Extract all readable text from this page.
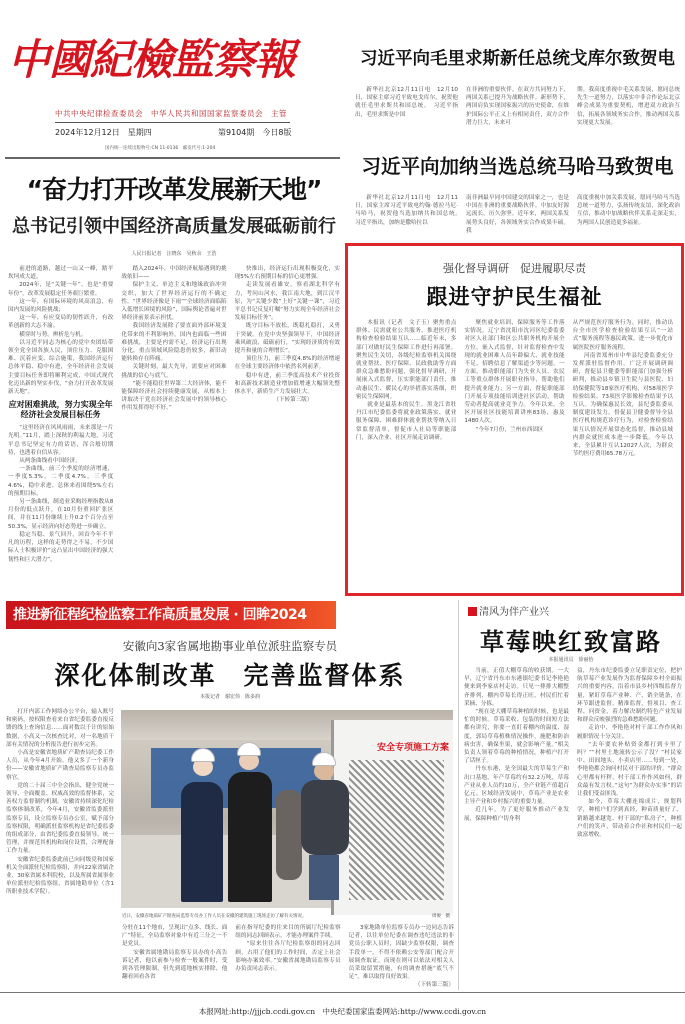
中國紀檢監察報
中共中央纪律检查委员会　中华人民共和国国家监察委员会　主管
2024年12月12日　星期四	第9104期　今日8版
国内统一连续出版物号:CN 11-0136　邮发代号:1-204
习近平向毛里求斯新任总统戈库尔致贺电

新华社北京12月11日电　12月10日，国家主席习近平致电戈库尔，祝贺他就任毛里求斯共和国总统。　习近平指出，毛里求斯是中国

在非洲的重要伙伴。在双方共同努力下，两国关系已提升为战略伙伴。新形势下，两国肩负实现国家振兴的历史使命，在维护国际公平正义上有相同责任，双方合作潜力巨大，未来可

期。我高度重视中毛关系发展，愿同总统先生一道努力，以落实中非合作论坛北京峰会成果为重要契机，增进双方政治互信，拓展各领域务实合作，推动两国关系实现更大发展。

习近平向加纳当选总统马哈马致贺电

新华社北京12月11日电　12月11日，国家主席习近平致电约翰·德拉马尼·马哈马，祝贺他当选加纳共和国总统。　习近平指出，加纳是撒哈拉以

南非洲最早同中国建交的国家之一，也是中国在非洲的重要战略伙伴。中加友好源远流长，历久弥坚。近年来，两国关系发展势头良好，各领域务实合作成果丰硕。我

高度重视中加关系发展，愿同马哈马当选总统一道努力，弘扬传统友谊，深化政治互信，推动中加战略伙伴关系走深走实，为两国人民创造更多福祉。

强化督导调研　促进履职尽责
跟进守护民生福祉

本报讯（记者　文子玉）聚焦重点群体、民需就业公共服务、推进医疗机构检查检验结果互认……临近年末，多部门对做好民生保障工作进行再部署。聚焦民生关切，各级纪检监察机关围绕就业帮扶、医疗保障、民政救助等方面群众急难愁盼问题，强化督导调研，开展嵌入式监督，压实职能部门责任，推动惠民生、暖民心的举措落实落细，织密民生保障网。

就业是最基本的民生。黑龙江省牡丹江市纪委监委将就业政策落实、就业服务保障、困难群体就业帮扶等纳入日常监督清单，督促市人社局等职能部门，深入企业、社区开展走访调研。

聚焦就业培训、保障服务等工作落实情况，辽宁省沈阳市沈河区纪委监委对区人社部门和区公共职务机构开展全方位、嵌入式监督，针对监督检查中发现的就业困难人员年龄偏大、就业技能不足、招聘信息了解渠道少等问题，一方面，推动职能部门为失业人员、农民工等重点群体开展职业指导，帮助他们提升就业能力；另一方面，督促职能部门开展专项技能培训进社区活动，帮助劳动者提高就业竞争力。今年以来，全区开展社区技能培训讲座83场，惠及1480人次。

“今年7月份，兰州市西固区

从严规范医疗服务行为。同时，推动出台全市医学检查检验结果互认“一站式”服务流程等惠民政策，进一步优化市属医院医疗服务流程。

河南省郑州市中牟县纪委监委充分发挥派驻监督作用，广泛开展调研调研，督促县卫健委等职能部门加强分析研判，推动县乡镇卫生院与县医院、妇幼保健院等18家医疗机构，对58项医学检验结果、73项医学影像检查结果予以互认。为确保惠民长效，县纪委监委从制度建设发力，督促县卫健委督导全县医疗机构规范诊疗行为，对检查检验结果互认情况开展常态化监督，推动县域内群众就医成本进一步降低。今年以来，全县累计互认12027人次，为群众节约医疗费用65.78万元。

“奋力打开改革发展新天地”
总书记引领中国经济高质量发展砥砺前行
人民日报记者　汪晓东　吴秋余　王浩

前进的道路，越过一山又一峰，踏平坎坷成大道。

2024年，是“关键一年”，也是“重要年份”，改革发展稳定任务艰巨繁重。

这一年，有国际环境的风高浪急，有国内发展的风险挑战；

这一年，有应变局的韧性跃升，有改革创新的大志不渝。

横穿时与势，辨析危与机。

以习近平同志为核心的党中央团结带领全党全国各族人民，顶住压力、克服困难、沉着应变、综合施策，我国经济运行总体平稳、稳中有进，全年经济社会发展主要目标任务即将顺利完成，中国式现代化迈出新的坚实步伐，“奋力打开改革发展新天地”。

应对困难挑战，努力实现全年经济社会发展目标任务

“这里经济在风风雨雨，未来那是一片光明。”11月，踏上深秋的利福大地，习近平总书记坚定有力的话语，浑合般切期待，也透着自信从容。

从两条曲线看中国经济。

一条曲线，前三个季度的经济增速，一季度5.3%，二季度4.7%，三季度4.6%，稳中求进、总体来看围绕5%左右的预期目标。

另一条曲线，制造业采购经理指数从8月份的低点跃升，在10月份重回扩张区间，并在11月份继续上升0.2个百分点至50.3%，显示经济向好态势进一步确立。

稳定当稳、景气回升，回首今年不平凡的历程，这样的走势得之不易，不少国际人士积极评价“这凸显出中国经济的强大韧性和巨大潜力”。

踏入2024年，中国经济航船遇到的挑战依旧——

保护主义、单边主义和地缘政治冲突交织，加大了世界经济运行的不确定性。“世界经济像是下雨”“全球经济面临陷入低增长困境的风险”，国际舆论普遍对世界经济前景表示担忧。

我国经济发展除了要直面外部环境变化带来的不利影响外，国内也面临一些困难挑战，主要是内需不足，经济运行出现分化，重点领域风险隐患仍较多，新旧动能转换存在阵痛。

关键时刻，最大先导，需要应对困难挑战的信心与底气。

“能不能稳住世界第二大经济体，能不能保障经济社会持续健康发展，从根本上讲取决于党在经济社会发展中的领导核心作用发挥得好不好。”

快推出，经济运行出现积极变化，实现5%左右预期目标的信心更增强。

走读发展看雄安，察看湖北科学有力，考问山河水，我江南大地，到江汉平原，为“关键少数”上好“关键一课”，习近平总书记反复叮嘱“努力实现全年经济社会发展目标任务”。

既守目标不放松，既稳扎稳打，又勇于突破。在党中央坚强领导下，中国经济乘风破浪、砥砺前行，“实现经济质的有效提升和量的合理增长”。

顶住压力，前三季度4.8%的经济增速在全球主要经济体中依然名列前茅。

稳中有进，前三季度高技术产业投资和高新技术制造业增加值增速大幅领先整体水平，新质生产力发展壮大。

（下转第三版）

推进新征程纪检监察工作高质量发展 · 回眸2024
安徽向3家省属地勘事业单位派驻监察专员
深化体制改革　完善监督体系
本报记者　谢宏伟　陈多润

打开内部工作网络办公平台，输入账号和密码，按权限查看来自省纪委监委直报反馈的线上查询信息……面对数以千计的原始数据，小高又一次核查比对，对一名地质干部有关情况的分析报告进行初步完善。

小高是安徽省地质矿产勘查局纪委工作人员，从今年4月开始，他又多了一个新身份——安徽省地质矿产勘查局监察专员办监察官。

党的二十届三中全会指出，健全党统一领导、全面覆盖、权威高效的监督体系，完善权力监督制约机制。安徽省持续深化纪检监察体制改革，今年4月，安徽省监委派驻监察专员，设立监察专员办公室，赋予部分监察权限，明确派驻监察机构是省纪委监委的组成部分，由省纪委监委直接领导、统一管理，并规范其机构和岗位设置，合理配备工作力量。

安徽省纪委监委此前已向同级党和国家机关全面派驻纪检监察组，并向22家省属企业、30家省属本科院校，以及所属省属事业单位派驻纪检监察组，省属地勘单位（含1所职业技术学院）。

安全专项施工方案
近日，安徽省地质矿产勘查局监察专员办工作人员在安徽的建筑施工现场走访了解有关情况。	周俊　摄

分驻在11个地市，呈现出“点多、线长、面广”特征，全局监察对象中有近三分之一不是党员。

安徽省属地勘局监察专员办的小高告诉记者，他以前参与检查一般案件时，受到各管理限制，但先到遥地核实排除，他翻看回看各省

前在指导纪委的往来目的所属厅纪检监察组的同志回顾表示，才能办理案件手续。

“原来往往各厅纪检监察组的同志回顾，占用了他们的工作时间，否定上社会影响办案效率。”安徽省属地勘局监察专员办负责同志表示。

3家地勘单位监察专员办一边同志告诉记者，以往单位纪委在调查违纪违法的非党员公职人员时，因缺少监察权限，调查手段单一，不得不依赖公安等部门配合开展调查取证。而现在则可以依法对相关人员采取留置措施，有的调查措施“底气不足”，难以取得良好效果。

（下转第三版）

清风为伴产业兴
草莓映红致富路
本报通讯员　徐丽怡

当前，正值大棚草莓的收获期。一大早，辽宁省丹东市东港镇纪委书记李艳艳便来到李家店村走访。只见一排排大棚整齐排列，棚内草莓长得正旺，村民们忙着采摘、分拣。

“现在是大棚草莓种植的时候，也是最忙的时候。草莓采收、包装的时间短方法都有讲究，你要一直盯着棚内的温度、湿度，郭局草莓植株情况操作，施肥和防治病虫害，确保坐果，就会影响产量。”相关负责人领着草莓的种植情况，种植户打开了话匣子。

丹东东港，是全国最大的草莓生产和出口基地，年产草莓约有32.2万吨，草莓产业从业人员约10万，全产业链产值超百亿元。区域经济发展中，草莓产业是农业主导产业和乡村振兴的重要力量。

近几年，为了更好服务推动产业发展，保障种植户切身利

益，丹东市纪委监委立足职责定位，把护航草莓产业发展作为监督保障乡村全面振兴的重要内容，沿着市县乡村四级监督力量，紧盯草莓产业种、产、销全链条，在环节跟进监督，精准监督，督项目、查工程、问资金，着力解决制约特色产业发展和群众反映强烈的急难愁盼问题。

走访中，李艳艳对村干部工作作风和履职情况十分关注。

“去年要农补贴资金都打到卡里了吗？”“村里土地流转公示了没？”村民家中、田间地头、小卖店里……每到一处，李艳艳都会询问村民对干部的评价。“群众心里都有杆秤，村干部工作作风如何，群众最有发言权。”这句“为群众办实事”的话让我们受益匪浅。

如今，草莓大棚连绵成片，规划科学，种植户们学到真经，种苗质量好了、销路越来越宽。村干部的“私房子”，种植户们的笑声，带动着合作社和村民们一起致富增收。

本报网址:http://jjjcb.ccdi.gov.cn　中央纪委国家监委网站:http://www.ccdi.gov.cn
